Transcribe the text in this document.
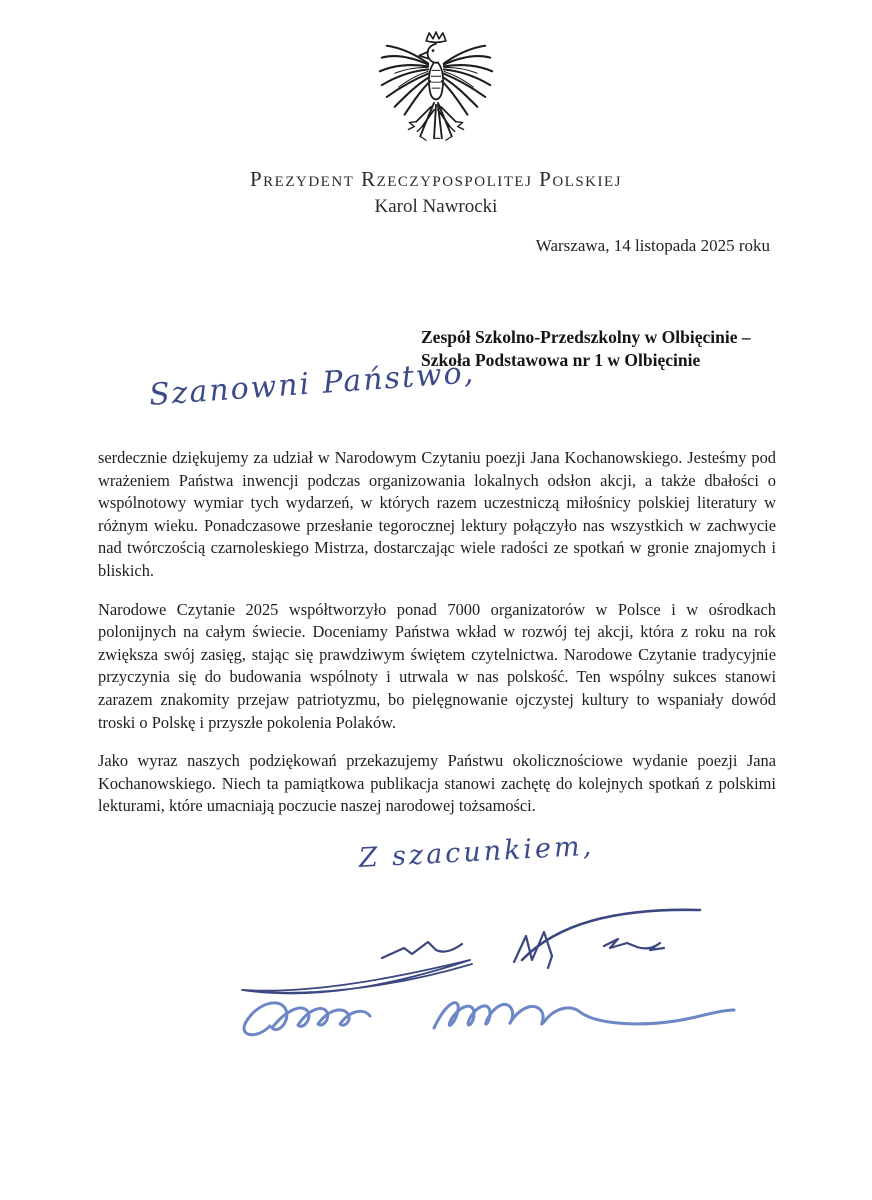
Prezydent Rzeczypospolitej Polskiej
Karol Nawrocki
Warszawa, 14 listopada 2025 roku
Zespół Szkolno-Przedszkolny w Olbięcinie –
Szkoła Podstawowa nr 1 w Olbięcinie
Szanowni Państwo,

serdecznie dziękujemy za udział w Narodowym Czytaniu poezji Jana Kochanowskiego. Jesteśmy pod wrażeniem Państwa inwencji podczas organizowania lokalnych odsłon akcji, a także dbałości o wspólnotowy wymiar tych wydarzeń, w których razem uczestniczą miłośnicy polskiej literatury w różnym wieku. Ponadczasowe przesłanie tegorocznej lektury połączyło nas wszystkich w zachwycie nad twórczością czarnoleskiego Mistrza, dostarczając wiele radości ze spotkań w gronie znajomych i bliskich.

Narodowe Czytanie 2025 współtworzyło ponad 7000 organizatorów w Polsce i w ośrodkach polonijnych na całym świecie. Doceniamy Państwa wkład w rozwój tej akcji, która z roku na rok zwiększa swój zasięg, stając się prawdziwym świętem czytelnictwa. Narodowe Czytanie tradycyjnie przyczynia się do budowania wspólnoty i utrwala w nas polskość. Ten wspólny sukces stanowi zarazem znakomity przejaw patriotyzmu, bo pielęgnowanie ojczystej kultury to wspaniały dowód troski o Polskę i przyszłe pokolenia Polaków.

Jako wyraz naszych podziękowań przekazujemy Państwu okolicznościowe wydanie poezji Jana Kochanowskiego. Niech ta pamiątkowa publikacja stanowi zachętę do kolejnych spotkań z polskimi lekturami, które umacniają poczucie naszej narodowej tożsamości.

Z szacunkiem,
